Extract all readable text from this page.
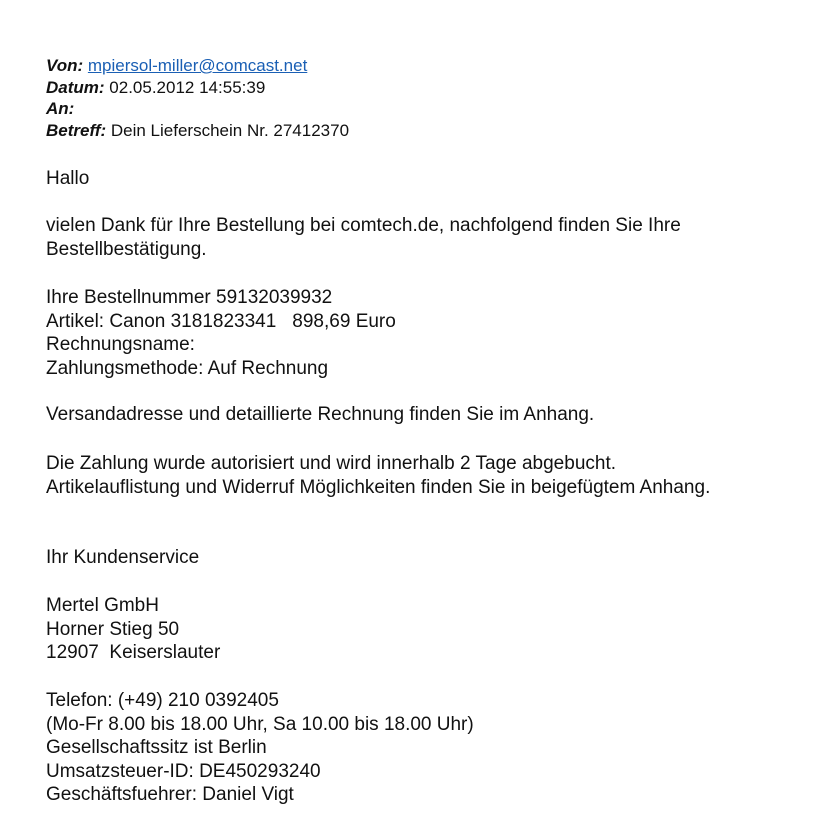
Von: mpiersol-miller@comcast.net
Datum: 02.05.2012 14:55:39
An:
Betreff: Dein Lieferschein Nr. 27412370
Hallo
vielen Dank für Ihre Bestellung bei comtech.de, nachfolgend finden Sie Ihre
Bestellbestätigung.
Ihre Bestellnummer 59132039932
Artikel: Canon 3181823341 898,69 Euro
Rechnungsname:
Zahlungsmethode: Auf Rechnung
Versandadresse und detaillierte Rechnung finden Sie im Anhang.
Die Zahlung wurde autorisiert und wird innerhalb 2 Tage abgebucht.
Artikelauflistung und Widerruf Möglichkeiten finden Sie in beigefügtem Anhang.
Ihr Kundenservice
Mertel GmbH
Horner Stieg 50
12907 Keiserslauter
Telefon: (+49) 210 0392405
(Mo-Fr 8.00 bis 18.00 Uhr, Sa 10.00 bis 18.00 Uhr)
Gesellschaftssitz ist Berlin
Umsatzsteuer-ID: DE450293240
Geschäftsfuehrer: Daniel Vigt
